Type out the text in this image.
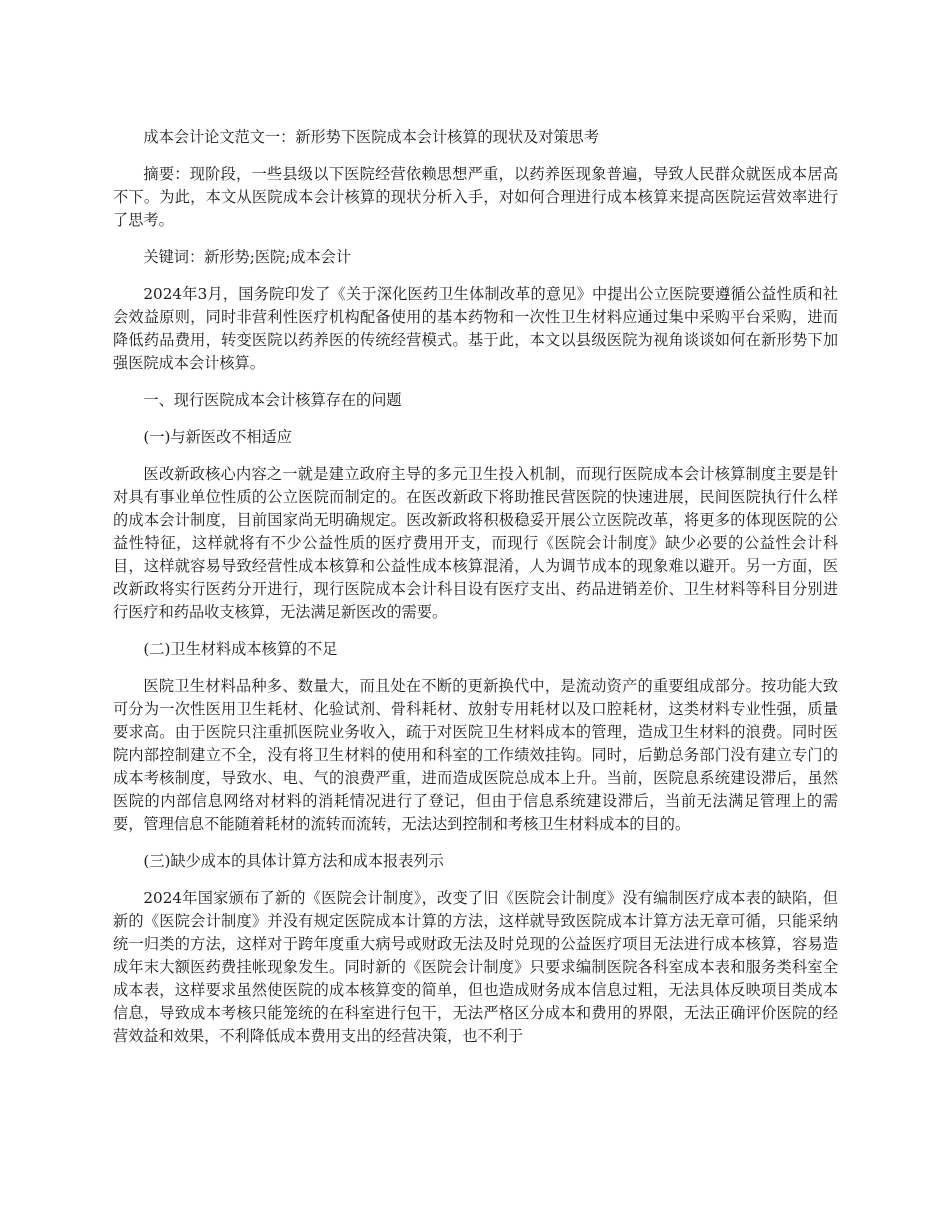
成本会计论文范文一：新形势下医院成本会计核算的现状及对策思考

摘要：现阶段，一些县级以下医院经营依赖思想严重，以药养医现象普遍，导致人民群众就医成本居高不下。为此，本文从医院成本会计核算的现状分析入手，对如何合理进行成本核算来提高医院运营效率进行了思考。

关键词：新形势;医院;成本会计

2024年3月，国务院印发了《关于深化医药卫生体制改革的意见》中提出公立医院要遵循公益性质和社会效益原则，同时非营利性医疗机构配备使用的基本药物和一次性卫生材料应通过集中采购平台采购，进而降低药品费用，转变医院以药养医的传统经营模式。基于此，本文以县级医院为视角谈谈如何在新形势下加强医院成本会计核算。

一、现行医院成本会计核算存在的问题

(一)与新医改不相适应

医改新政核心内容之一就是建立政府主导的多元卫生投入机制，而现行医院成本会计核算制度主要是针对具有事业单位性质的公立医院而制定的。在医改新政下将助推民营医院的快速进展，民间医院执行什么样的成本会计制度，目前国家尚无明确规定。医改新政将积极稳妥开展公立医院改革，将更多的体现医院的公益性特征，这样就将有不少公益性质的医疗费用开支，而现行《医院会计制度》缺少必要的公益性会计科目，这样就容易导致经营性成本核算和公益性成本核算混淆，人为调节成本的现象难以避开。另一方面，医改新政将实行医药分开进行，现行医院成本会计科目设有医疗支出、药品进销差价、卫生材料等科目分别进行医疗和药品收支核算，无法满足新医改的需要。

(二)卫生材料成本核算的不足

医院卫生材料品种多、数量大，而且处在不断的更新换代中，是流动资产的重要组成部分。按功能大致可分为一次性医用卫生耗材、化验试剂、骨科耗材、放射专用耗材以及口腔耗材，这类材料专业性强，质量要求高。由于医院只注重抓医院业务收入，疏于对医院卫生材料成本的管理，造成卫生材料的浪费。同时医院内部控制建立不全，没有将卫生材料的使用和科室的工作绩效挂钩。同时，后勤总务部门没有建立专门的成本考核制度，导致水、电、气的浪费严重，进而造成医院总成本上升。当前，医院息系统建设滞后，虽然医院的内部信息网络对材料的消耗情况进行了登记，但由于信息系统建设滞后，当前无法满足管理上的需要，管理信息不能随着耗材的流转而流转，无法达到控制和考核卫生材料成本的目的。

(三)缺少成本的具体计算方法和成本报表列示

2024年国家颁布了新的《医院会计制度》，改变了旧《医院会计制度》没有编制医疗成本表的缺陷，但新的《医院会计制度》并没有规定医院成本计算的方法，这样就导致医院成本计算方法无章可循，只能采纳统一归类的方法，这样对于跨年度重大病号或财政无法及时兑现的公益医疗项目无法进行成本核算，容易造成年末大额医药费挂帐现象发生。同时新的《医院会计制度》只要求编制医院各科室成本表和服务类科室全成本表，这样要求虽然使医院的成本核算变的简单，但也造成财务成本信息过粗，无法具体反映项目类成本信息，导致成本考核只能笼统的在科室进行包干，无法严格区分成本和费用的界限，无法正确评价医院的经营效益和效果，不利降低成本费用支出的经营决策，也不利于
